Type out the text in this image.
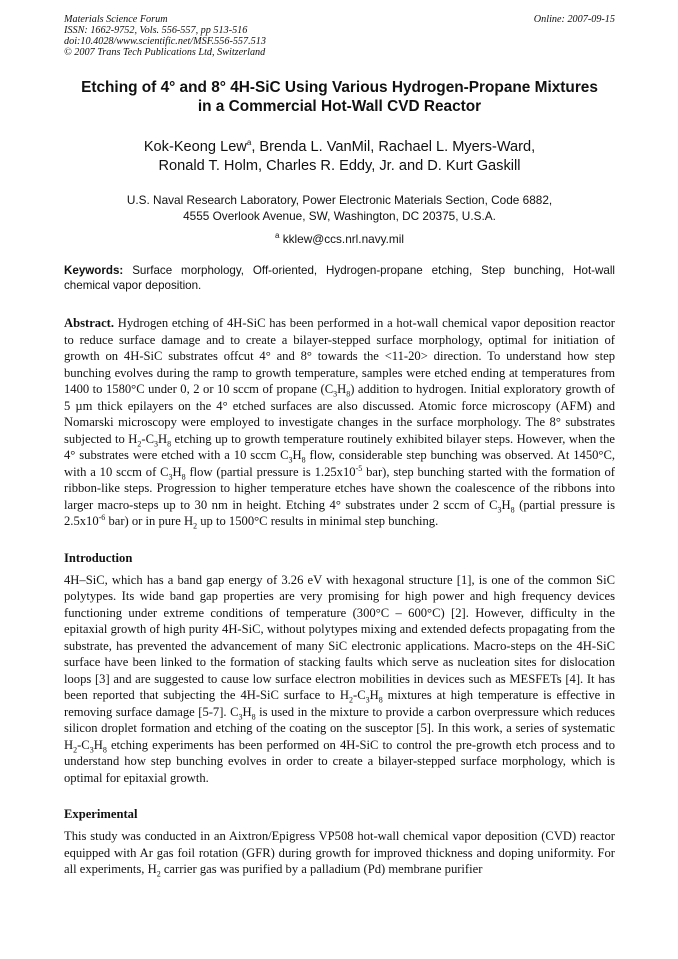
Materials Science Forum	Online: 2007-09-15
ISSN: 1662-9752, Vols. 556-557, pp 513-516
doi:10.4028/www.scientific.net/MSF.556-557.513
© 2007 Trans Tech Publications Ltd, Switzerland
Etching of 4° and 8° 4H-SiC Using Various Hydrogen-Propane Mixtures
in a Commercial Hot-Wall CVD Reactor
Kok-Keong Lew$^a$, Brenda L. VanMil, Rachael L. Myers-Ward,
Ronald T. Holm, Charles R. Eddy, Jr. and D. Kurt Gaskill
U.S. Naval Research Laboratory, Power Electronic Materials Section, Code 6882,
4555 Overlook Avenue, SW, Washington, DC 20375, U.S.A.
$^a$ kklew@ccs.nrl.navy.mil
Keywords: Surface morphology, Off-oriented, Hydrogen-propane etching, Step bunching, Hot-wall chemical vapor deposition.
Abstract. Hydrogen etching of 4H-SiC has been performed in a hot-wall chemical vapor deposition reactor to reduce surface damage and to create a bilayer-stepped surface morphology, optimal for initiation of growth on 4H-SiC substrates offcut 4° and 8° towards the <11-20> direction. To understand how step bunching evolves during the ramp to growth temperature, samples were etched ending at temperatures from 1400 to 1580°C under 0, 2 or 10 sccm of propane $(C_3H_8)$ addition to hydrogen. Initial exploratory growth of 5 µm thick epilayers on the 4° etched surfaces are also discussed. Atomic force microscopy (AFM) and Nomarski microscopy were employed to investigate changes in the surface morphology. The 8° substrates subjected to $H_2-C_3H_8$ etching up to growth temperature routinely exhibited bilayer steps. However, when the 4° substrates were etched with a 10 sccm $C_3H_8$ flow, considerable step bunching was observed. At 1450°C, with a 10 sccm of $C_3H_8$ flow (partial pressure is $1.25x10^{-5}$ bar), step bunching started with the formation of ribbon-like steps. Progression to higher temperature etches have shown the coalescence of the ribbons into larger macro-steps up to 30 nm in height. Etching 4° substrates under 2 sccm of $C_3H_8$ (partial pressure is $2.5x10^{-6}$ bar) or in pure $H_2$ up to 1500°C results in minimal step bunching.
Introduction
4H–SiC, which has a band gap energy of 3.26 eV with hexagonal structure [1], is one of the common SiC polytypes. Its wide band gap properties are very promising for high power and high frequency devices functioning under extreme conditions of temperature (300°C – 600°C) [2]. However, difficulty in the epitaxial growth of high purity 4H-SiC, without polytypes mixing and extended defects propagating from the substrate, has prevented the advancement of many SiC electronic applications. Macro-steps on the 4H-SiC surface have been linked to the formation of stacking faults which serve as nucleation sites for dislocation loops [3] and are suggested to cause low surface electron mobilities in devices such as MESFETs [4]. It has been reported that subjecting the 4H-SiC surface to $H_2-C_3H_8$ mixtures at high temperature is effective in removing surface damage [5-7]. $C_3H_8$ is used in the mixture to provide a carbon overpressure which reduces silicon droplet formation and etching of the coating on the susceptor [5]. In this work, a series of systematic $H_2-C_3H_8$ etching experiments has been performed on 4H-SiC to control the pre-growth etch process and to understand how step bunching evolves in order to create a bilayer-stepped surface morphology, which is optimal for epitaxial growth.
Experimental
This study was conducted in an Aixtron/Epigress VP508 hot-wall chemical vapor deposition (CVD) reactor equipped with Ar gas foil rotation (GFR) during growth for improved thickness and doping uniformity. For all experiments, $H_2$ carrier gas was purified by a palladium (Pd) membrane purifier
